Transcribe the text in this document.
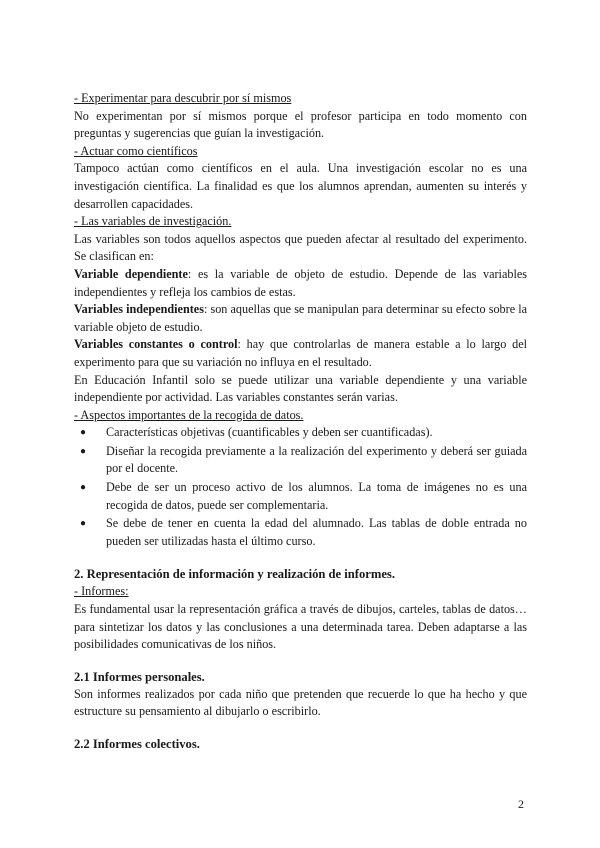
- Experimentar para descubrir por sí mismos

No experimentan por sí mismos porque el profesor participa en todo momento con preguntas y sugerencias que guían la investigación.

- Actuar como científicos

Tampoco actúan como científicos en el aula. Una investigación escolar no es una investigación científica. La finalidad es que los alumnos aprendan, aumenten su interés y desarrollen capacidades.

- Las variables de investigación.

Las variables son todos aquellos aspectos que pueden afectar al resultado del experimento. Se clasifican en:

Variable dependiente: es la variable de objeto de estudio. Depende de las variables independientes y refleja los cambios de estas.

Variables independientes: son aquellas que se manipulan para determinar su efecto sobre la variable objeto de estudio.

Variables constantes o control: hay que controlarlas de manera estable a lo largo del experimento para que su variación no influya en el resultado.

En Educación Infantil solo se puede utilizar una variable dependiente y una variable independiente por actividad. Las variables constantes serán varias.

- Aspectos importantes de la recogida de datos.

● Características objetivas (cuantificables y deben ser cuantificadas).
● Diseñar la recogida previamente a la realización del experimento y deberá ser guiada por el docente.
● Debe de ser un proceso activo de los alumnos. La toma de imágenes no es una recogida de datos, puede ser complementaria.
● Se debe de tener en cuenta la edad del alumnado. Las tablas de doble entrada no pueden ser utilizadas hasta el último curso.

2. Representación de información y realización de informes.

- Informes:

Es fundamental usar la representación gráfica a través de dibujos, carteles, tablas de datos… para sintetizar los datos y las conclusiones a una determinada tarea. Deben adaptarse a las posibilidades comunicativas de los niños.

2.1 Informes personales.

Son informes realizados por cada niño que pretenden que recuerde lo que ha hecho y que estructure su pensamiento al dibujarlo o escribirlo.

2.2 Informes colectivos.

2
